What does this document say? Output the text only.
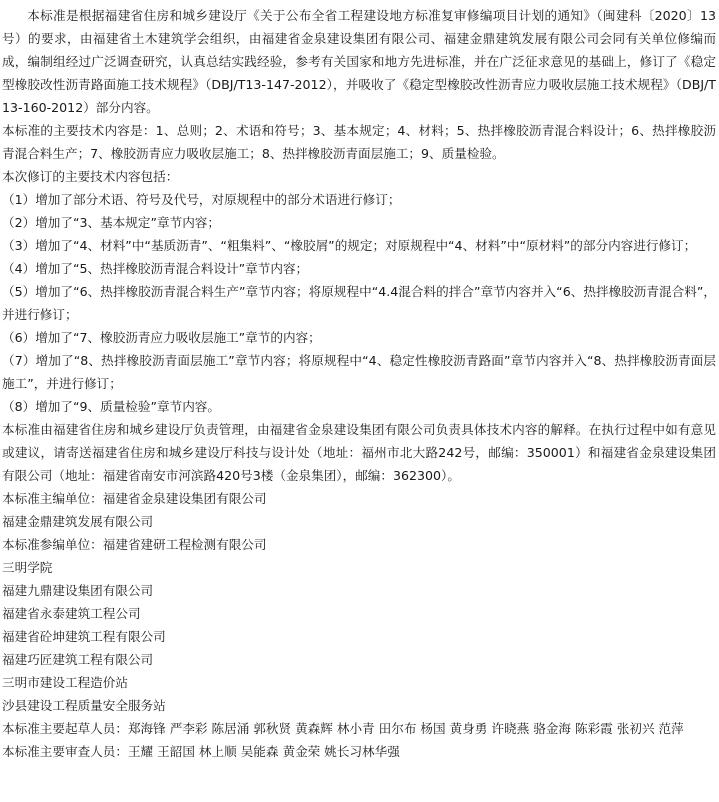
本标准是根据福建省住房和城乡建设厅《关于公布全省工程建设地方标准复审修编项目计划的通知》（闽建科〔2020〕13号）的要求，由福建省土木建筑学会组织，由福建省金泉建设集团有限公司、福建金鼎建筑发展有限公司会同有关单位修编而成，编制组经过广泛调查研究，认真总结实践经验，参考有关国家和地方先进标准，并在广泛征求意见的基础上，修订了《稳定型橡胶改性沥青路面施工技术规程》（DBJ/T13-147-2012），并吸收了《稳定型橡胶改性沥青应力吸收层施工技术规程》（DBJ/T13-160-2012）部分内容。

本标准的主要技术内容是：1、总则；2、术语和符号；3、基本规定；4、材料；5、热拌橡胶沥青混合料设计；6、热拌橡胶沥青混合料生产；7、橡胶沥青应力吸收层施工；8、热拌橡胶沥青面层施工；9、质量检验。

本次修订的主要技术内容包括：

（1）增加了部分术语、符号及代号，对原规程中的部分术语进行修订；

（2）增加了“3、基本规定”章节内容；

（3）增加了“4、材料”中“基质沥青”、“粗集料”、“橡胶屑”的规定；对原规程中“4、材料”中“原材料”的部分内容进行修订；

（4）增加了“5、热拌橡胶沥青混合料设计”章节内容；

（5）增加了“6、热拌橡胶沥青混合料生产”章节内容；将原规程中“4.4混合料的拌合”章节内容并入“6、热拌橡胶沥青混合料”，并进行修订；

（6）增加了“7、橡胶沥青应力吸收层施工”章节的内容；

（7）增加了“8、热拌橡胶沥青面层施工”章节内容；将原规程中“4、稳定性橡胶沥青路面”章节内容并入“8、热拌橡胶沥青面层施工”，并进行修订；

（8）增加了“9、质量检验”章节内容。

本标准由福建省住房和城乡建设厅负责管理，由福建省金泉建设集团有限公司负责具体技术内容的解释。在执行过程中如有意见或建议，请寄送福建省住房和城乡建设厅科技与设计处（地址：福州市北大路242号，邮编：350001）和福建省金泉建设集团有限公司（地址：福建省南安市河滨路420号3楼（金泉集团），邮编：362300）。

本标准主编单位：福建省金泉建设集团有限公司

福建金鼎建筑发展有限公司

本标准参编单位：福建省建研工程检测有限公司

三明学院

福建九鼎建设集团有限公司

福建省永泰建筑工程公司

福建省砼坤建筑工程有限公司

福建巧匠建筑工程有限公司

三明市建设工程造价站

沙县建设工程质量安全服务站

本标准主要起草人员：郑海锋 严李彩 陈居涌 郭秋贤 黄森辉 林小青 田尔布 杨国 黄身勇 许晓燕 骆金海 陈彩霞 张初兴 范萍

本标准主要审查人员：王耀 王韶国 林上顺 吴能森 黄金荣 姚长习林华强
